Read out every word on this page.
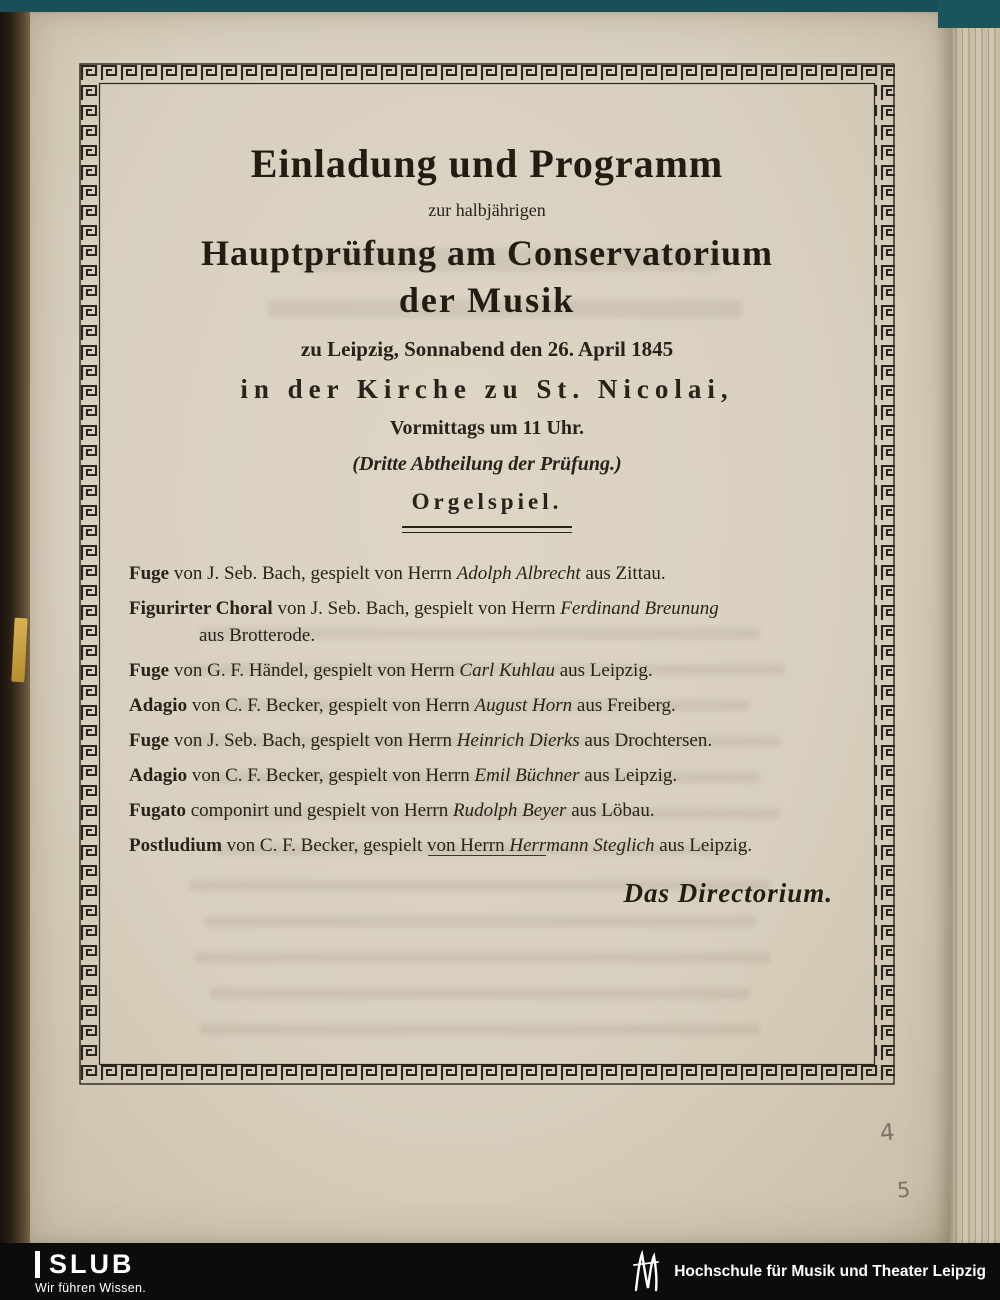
Einladung und Programm
zur halbjährigen
Hauptprüfung am Conservatorium
der Musik
zu Leipzig, Sonnabend den 26. April 1845
in der Kirche zu St. Nicolai,
Vormittags um 11 Uhr.
(Dritte Abtheilung der Prüfung.)
Orgelspiel.
Fuge von J. Seb. Bach, gespielt von Herrn Adolph Albrecht aus Zittau.
Figurirter Choral von J. Seb. Bach, gespielt von Herrn Ferdinand Breunung
aus Brotterode.
Fuge von G. F. Händel, gespielt von Herrn Carl Kuhlau aus Leipzig.
Adagio von C. F. Becker, gespielt von Herrn August Horn aus Freiberg.
Fuge von J. Seb. Bach, gespielt von Herrn Heinrich Dierks aus Drochtersen.
Adagio von C. F. Becker, gespielt von Herrn Emil Büchner aus Leipzig.
Fugato componirt und gespielt von Herrn Rudolph Beyer aus Löbau.
Postludium von C. F. Becker, gespielt von Herrn Herrmann Steglich aus Leipzig.
Das Directorium.
4
5
SLUB
Wir führen Wissen.
Hochschule für Musik und Theater Leipzig
